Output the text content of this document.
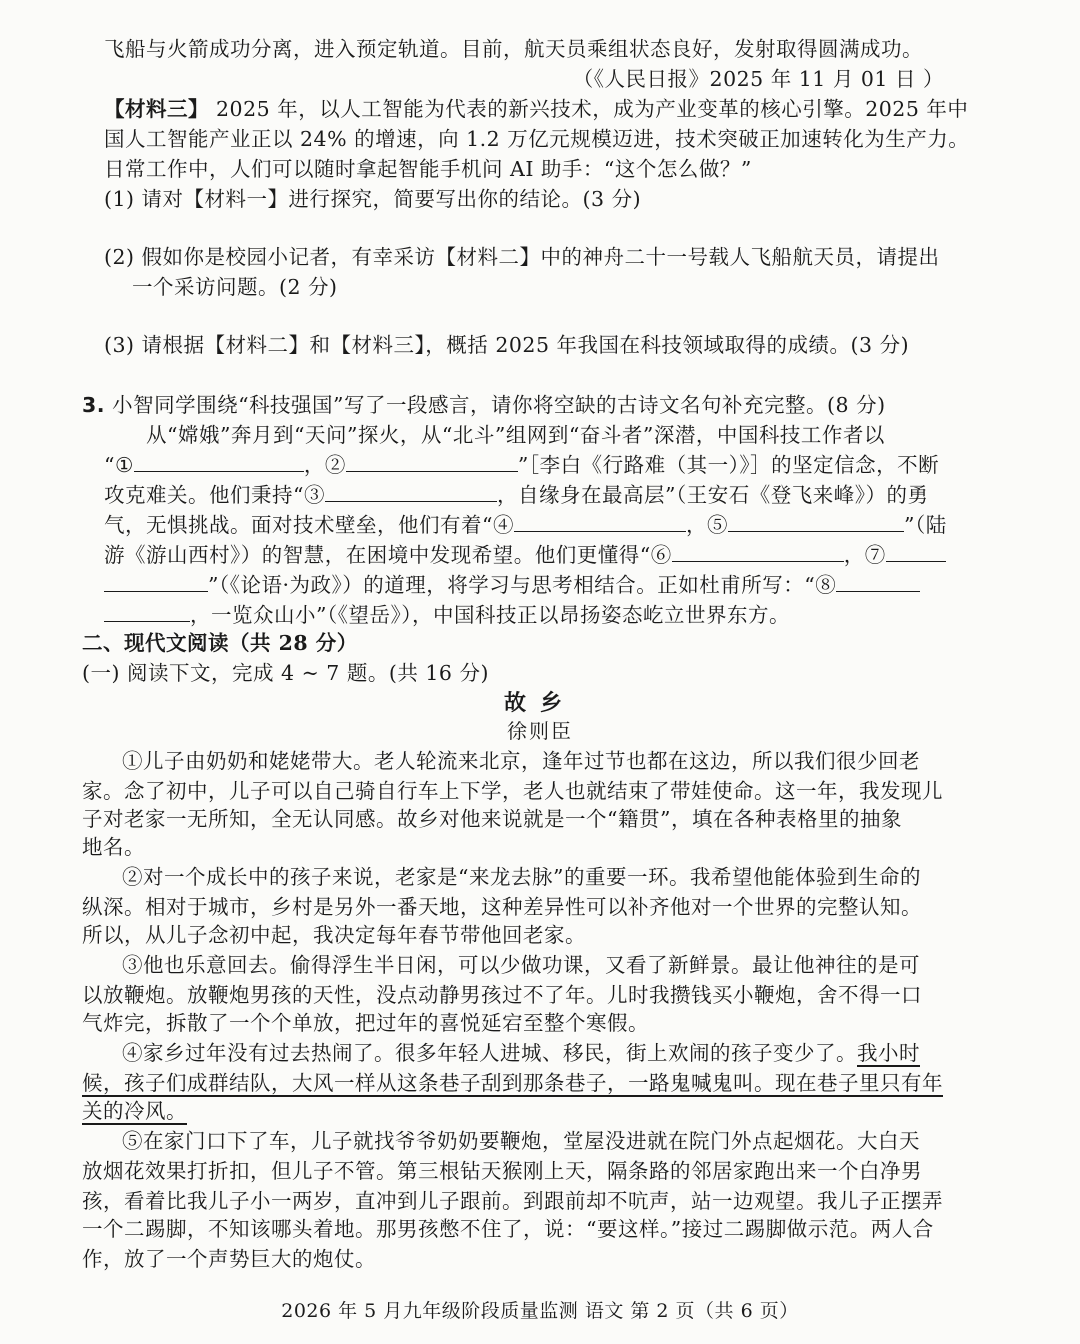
飞船与火箭成功分离，进入预定轨道。目前，航天员乘组状态良好，发射取得圆满成功。
（《人民日报》2025 年 11 月 01 日 ）
【材料三】 2025 年，以人工智能为代表的新兴技术，成为产业变革的核心引擎。2025 年中
国人工智能产业正以 24% 的增速，向 1.2 万亿元规模迈进，技术突破正加速转化为生产力。
日常工作中，人们可以随时拿起智能手机问 AI 助手：“这个怎么做？”
(1) 请对【材料一】进行探究，简要写出你的结论。(3 分)
(2) 假如你是校园小记者，有幸采访【材料二】中的神舟二十一号载人飞船航天员，请提出
一个采访问题。(2 分)
(3) 请根据【材料二】和【材料三】，概括 2025 年我国在科技领域取得的成绩。(3 分)
3. 小智同学围绕“科技强国”写了一段感言，请你将空缺的古诗文名句补充完整。(8 分)
从“嫦娥”奔月到“天问”探火，从“北斗”组网到“奋斗者”深潜，中国科技工作者以
“①	，②	”［李白《行路难（其一）》］的坚定信念，不断
攻克难关。他们秉持“③	，自缘身在最高层”（王安石《登飞来峰》）的勇
气，无惧挑战。面对技术壁垒，他们有着“④	，⑤	”（陆
游《游山西村》）的智慧，在困境中发现希望。他们更懂得“⑥	，⑦
”（《论语·为政》）的道理，将学习与思考相结合。正如杜甫所写：“⑧
，一览众山小”（《望岳》），中国科技正以昂扬姿态屹立世界东方。
二、现代文阅读（共 28 分）
(一) 阅读下文，完成 4 ~ 7 题。(共 16 分)
故乡
徐则臣
①儿子由奶奶和姥姥带大。老人轮流来北京，逢年过节也都在这边，所以我们很少回老
家。念了初中，儿子可以自己骑自行车上下学，老人也就结束了带娃使命。这一年，我发现儿
子对老家一无所知，全无认同感。故乡对他来说就是一个“籍贯”，填在各种表格里的抽象
地名。
②对一个成长中的孩子来说，老家是“来龙去脉”的重要一环。我希望他能体验到生命的
纵深。相对于城市，乡村是另外一番天地，这种差异性可以补齐他对一个世界的完整认知。
所以，从儿子念初中起，我决定每年春节带他回老家。
③他也乐意回去。偷得浮生半日闲，可以少做功课，又看了新鲜景。最让他神往的是可
以放鞭炮。放鞭炮男孩的天性，没点动静男孩过不了年。儿时我攒钱买小鞭炮，舍不得一口
气炸完，拆散了一个个单放，把过年的喜悦延宕至整个寒假。
④家乡过年没有过去热闹了。很多年轻人进城、移民，街上欢闹的孩子变少了。我小时
候，孩子们成群结队，大风一样从这条巷子刮到那条巷子，一路鬼喊鬼叫。现在巷子里只有年
关的冷风。
⑤在家门口下了车，儿子就找爷爷奶奶要鞭炮，堂屋没进就在院门外点起烟花。大白天
放烟花效果打折扣，但儿子不管。第三根钻天猴刚上天，隔条路的邻居家跑出来一个白净男
孩，看着比我儿子小一两岁，直冲到儿子跟前。到跟前却不吭声，站一边观望。我儿子正摆弄
一个二踢脚，不知该哪头着地。那男孩憋不住了，说：“要这样。”接过二踢脚做示范。两人合
作，放了一个声势巨大的炮仗。
2026 年 5 月九年级阶段质量监测 语文 第 2 页（共 6 页）
